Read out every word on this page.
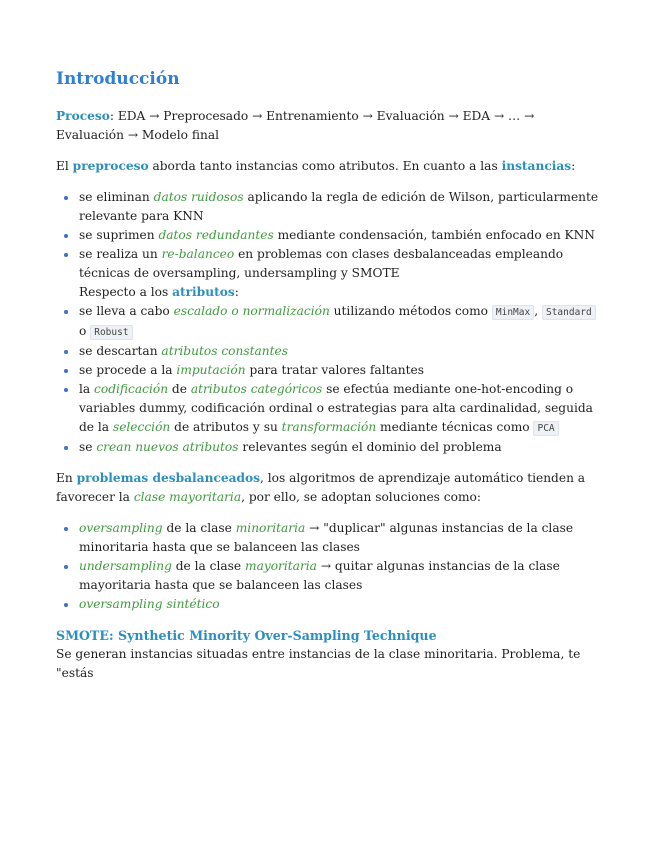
Introducción

Proceso: EDA → Preprocesado → Entrenamiento → Evaluación → EDA → … → Evaluación → Modelo final

El preproceso aborda tanto instancias como atributos. En cuanto a las instancias:

se eliminan datos ruidosos aplicando la regla de edición de Wilson, particularmente relevante para KNN
se suprimen datos redundantes mediante condensación, también enfocado en KNN
se realiza un re-balanceo en problemas con clases desbalanceadas empleando técnicas de oversampling, undersampling y SMOTE
Respecto a los atributos:
se lleva a cabo escalado o normalización utilizando métodos como MinMax , Standard o Robust
se descartan atributos constantes
se procede a la imputación para tratar valores faltantes
la codificación de atributos categóricos se efectúa mediante one-hot-encoding o variables dummy, codificación ordinal o estrategias para alta cardinalidad, seguida de la selección de atributos y su transformación mediante técnicas como PCA
se crean nuevos atributos relevantes según el dominio del problema

En problemas desbalanceados, los algoritmos de aprendizaje automático tienden a favorecer la clase mayoritaria, por ello, se adoptan soluciones como:

oversampling de la clase minoritaria → "duplicar" algunas instancias de la clase minoritaria hasta que se balanceen las clases
undersampling de la clase mayoritaria → quitar algunas instancias de la clase mayoritaria hasta que se balanceen las clases
oversampling sintético
SMOTE: Synthetic Minority Over-Sampling Technique

Se generan instancias situadas entre instancias de la clase minoritaria. Problema, te "estás
